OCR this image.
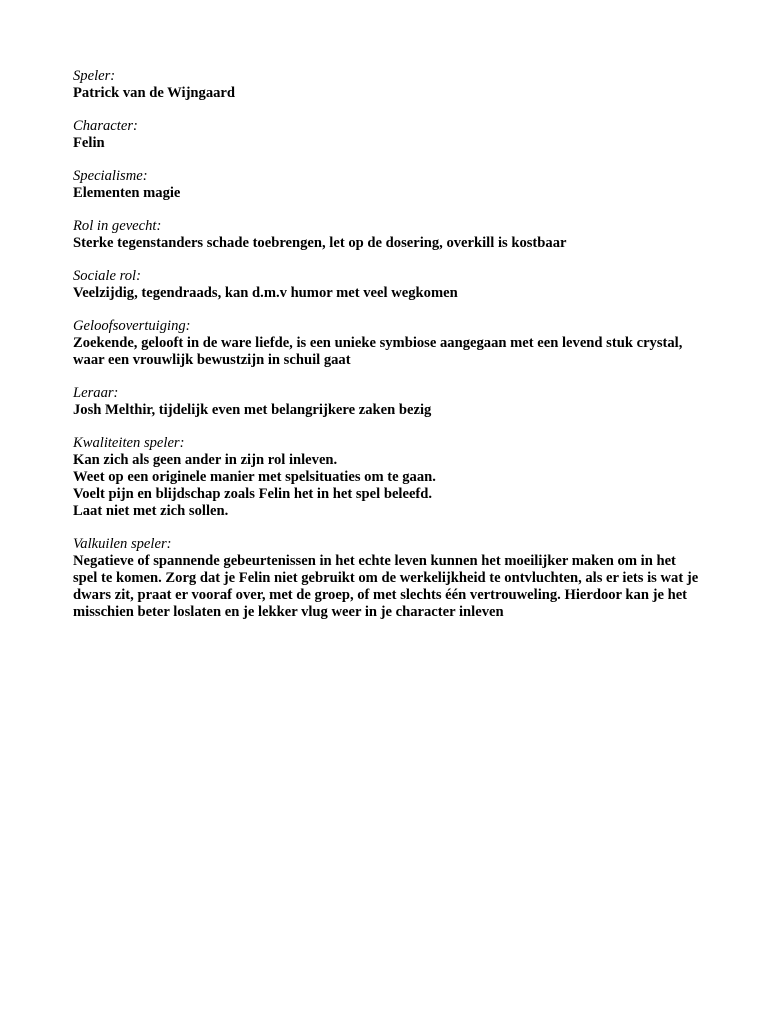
Speler:
Patrick van de Wijngaard
Character:
Felin
Specialisme:
Elementen magie
Rol in gevecht:
Sterke tegenstanders schade toebrengen, let op de dosering, overkill is kostbaar
Sociale rol:
Veelzijdig, tegendraads, kan d.m.v humor met veel wegkomen
Geloofsovertuiging:
Zoekende, gelooft in de ware liefde, is een unieke symbiose aangegaan met een levend stuk crystal, waar een vrouwlijk bewustzijn in schuil gaat
Leraar:
Josh Melthir, tijdelijk even met belangrijkere zaken bezig
Kwaliteiten speler:
Kan zich als geen ander in zijn rol inleven.
Weet op een originele manier met spelsituaties om te gaan.
Voelt pijn en blijdschap zoals Felin het in het spel beleefd.
Laat niet met zich sollen.
Valkuilen speler:
Negatieve of spannende gebeurtenissen in het echte leven kunnen het moeilijker maken om in het spel te komen. Zorg dat je Felin niet gebruikt om de werkelijkheid te ontvluchten, als er iets is wat je dwars zit, praat er vooraf over, met de groep, of met slechts één vertrouweling. Hierdoor kan je het misschien beter loslaten en je lekker vlug weer in je character inleven
